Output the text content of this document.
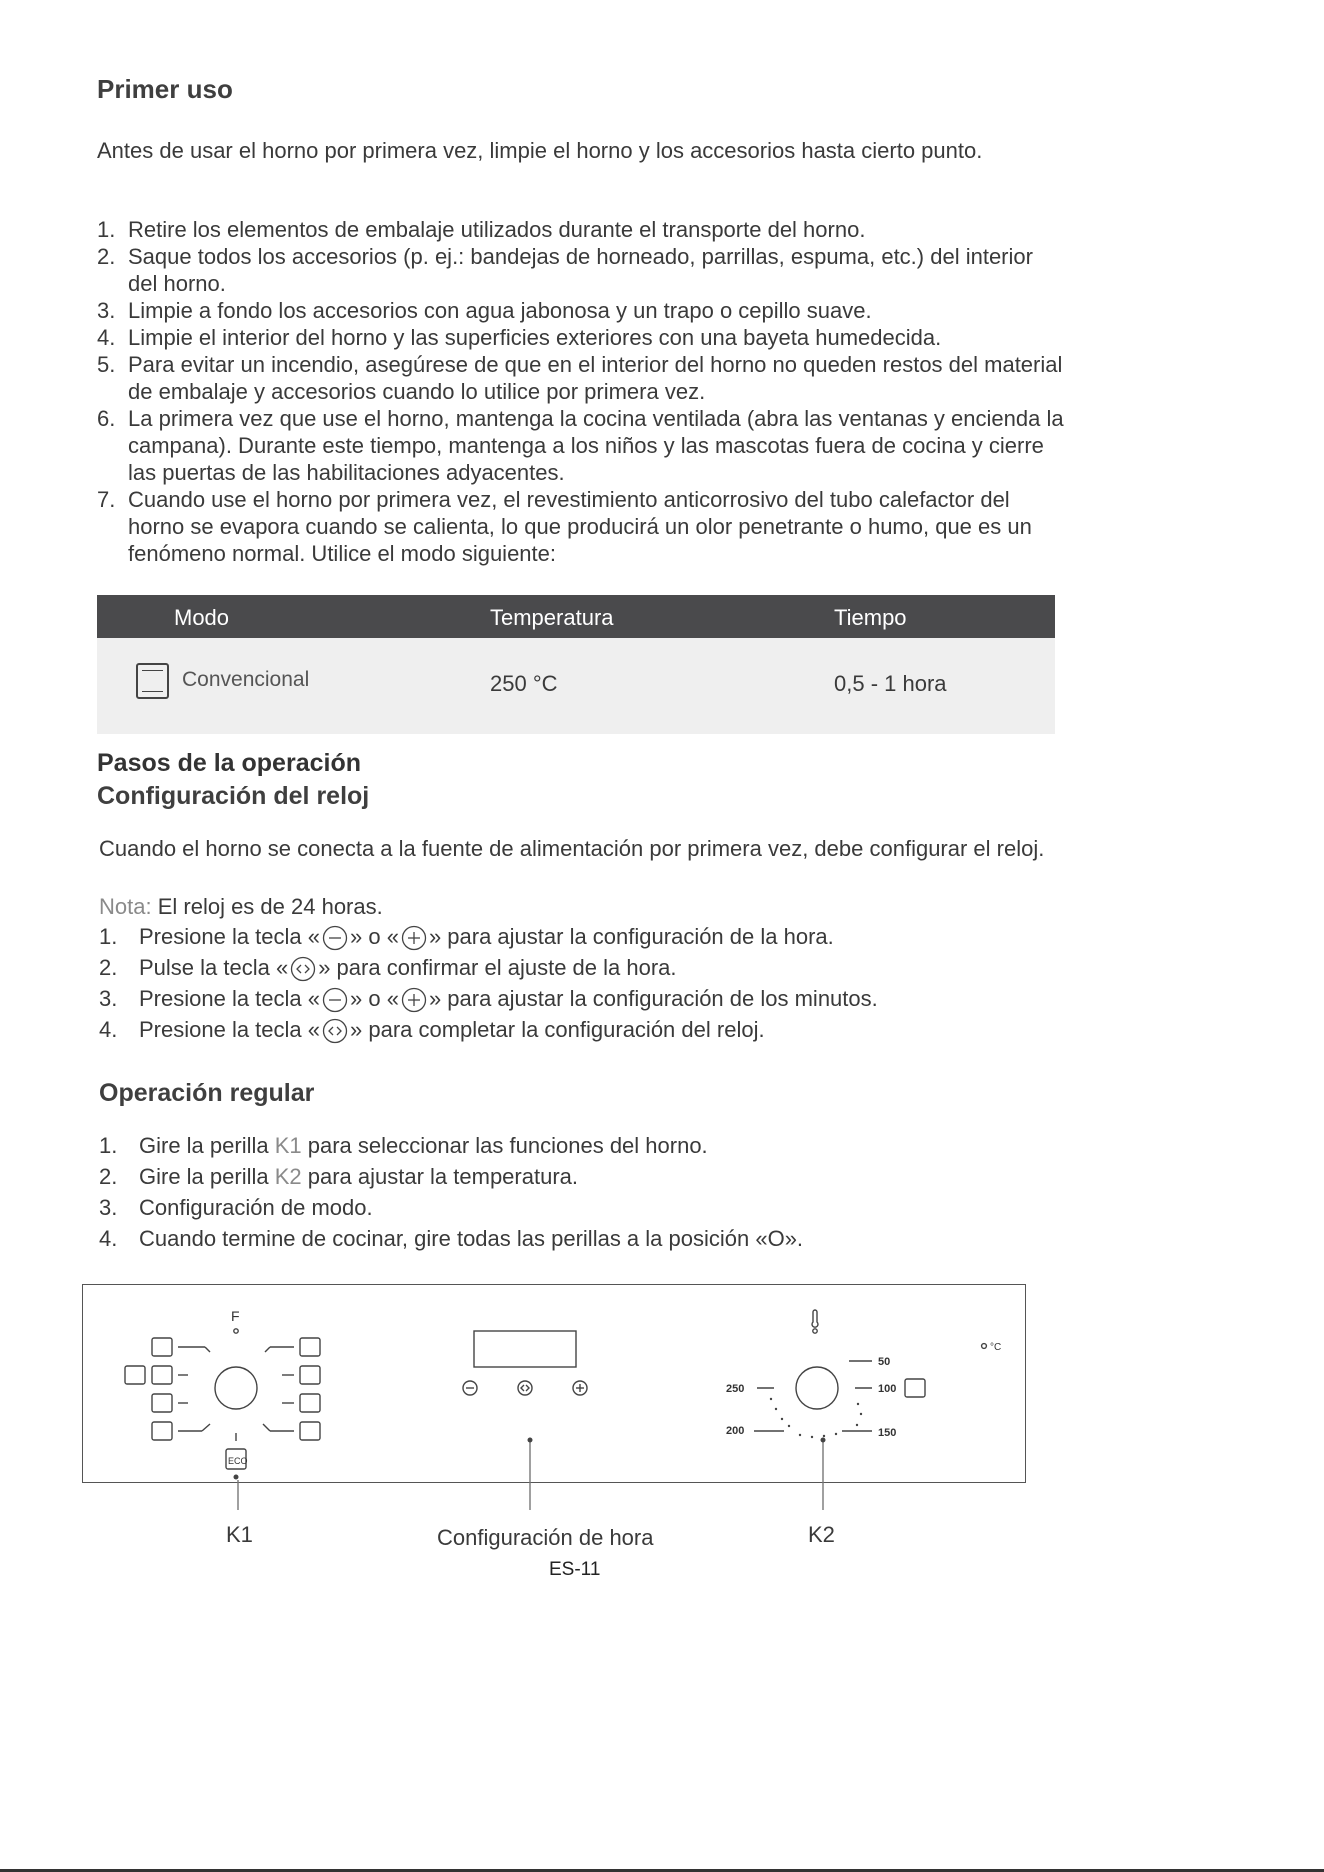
Primer uso

Antes de usar el horno por primera vez, limpie el horno y los accesorios hasta cierto punto.

1. Retire los elementos de embalaje utilizados durante el transporte del horno.
2. Saque todos los accesorios (p. ej.: bandejas de horneado, parrillas, espuma, etc.) del interior del horno.
3. Limpie a fondo los accesorios con agua jabonosa y un trapo o cepillo suave.
4. Limpie el interior del horno y las superficies exteriores con una bayeta humedecida.
5. Para evitar un incendio, asegúrese de que en el interior del horno no queden restos del material de embalaje y accesorios cuando lo utilice por primera vez.
6. La primera vez que use el horno, mantenga la cocina ventilada (abra las ventanas y encienda la campana). Durante este tiempo, mantenga a los niños y las mascotas fuera de cocina y cierre las puertas de las habilitaciones adyacentes.
7. Cuando use el horno por primera vez, el revestimiento anticorrosivo del tubo calefactor del horno se evapora cuando se calienta, lo que producirá un olor penetrante o humo, que es un fenómeno normal. Utilice el modo siguiente:
Modo	Temperatura	Tiempo
Convencional	250 °C	0,5 - 1 hora
Pasos de la operación
Configuración del reloj

Cuando el horno se conecta a la fuente de alimentación por primera vez, debe configurar el reloj.

Nota: El reloj es de 24 horas.

1. Presione la tecla « » o « » para ajustar la configuración de la hora.
2. Pulse la tecla « » para confirmar el ajuste de la hora.
3. Presione la tecla « » o « » para ajustar la configuración de los minutos.
4. Presione la tecla « » para completar la configuración del reloj.
Operación regular
1. Gire la perilla K1 para seleccionar las funciones del horno.
2. Gire la perilla K2 para ajustar la temperatura.
3. Configuración de modo.
4. Cuando termine de cocinar, gire todas las perillas a la posición «O».
F
ECO
50
100
150
200
250
°C
K1	Configuración de hora	K2
ES-11
